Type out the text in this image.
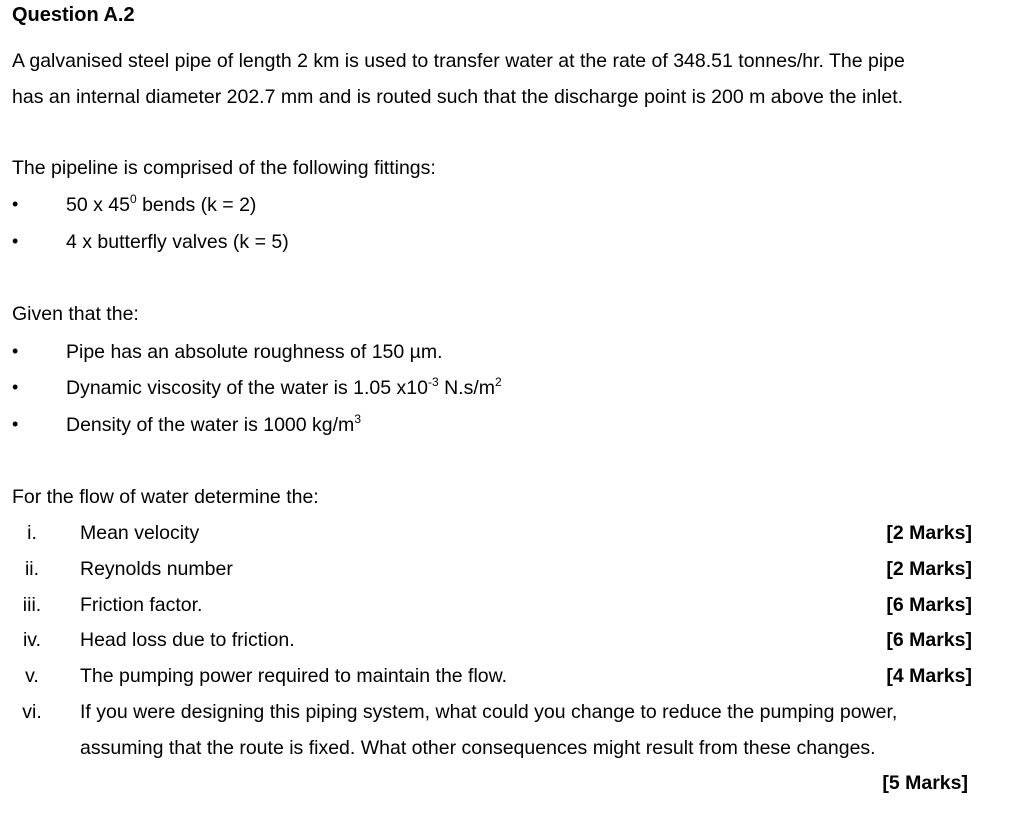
Question A.2
A galvanised steel pipe of length 2 km is used to transfer water at the rate of 348.51 tonnes/hr. The pipe
has an internal diameter 202.7 mm and is routed such that the discharge point is 200 m above the inlet.
The pipeline is comprised of the following fittings:
• 50 x $45^0$ bends (k = 2)
• 4 x butterfly valves (k = 5)
Given that the:
• Pipe has an absolute roughness of 150 µm.
• Dynamic viscosity of the water is 1.05 $x10^{-3}$ $N.s/m^2$
• Density of the water is 1000 $kg/m^3$
For the flow of water determine the:
i.	Mean velocity	[2 Marks]
ii.	Reynolds number	[2 Marks]
iii.	Friction factor.	[6 Marks]
iv.	Head loss due to friction.	[6 Marks]
v.	The pumping power required to maintain the flow.	[4 Marks]
vi.	If you were designing this piping system, what could you change to reduce the pumping power,
assuming that the route is fixed. What other consequences might result from these changes.
[5 Marks]
